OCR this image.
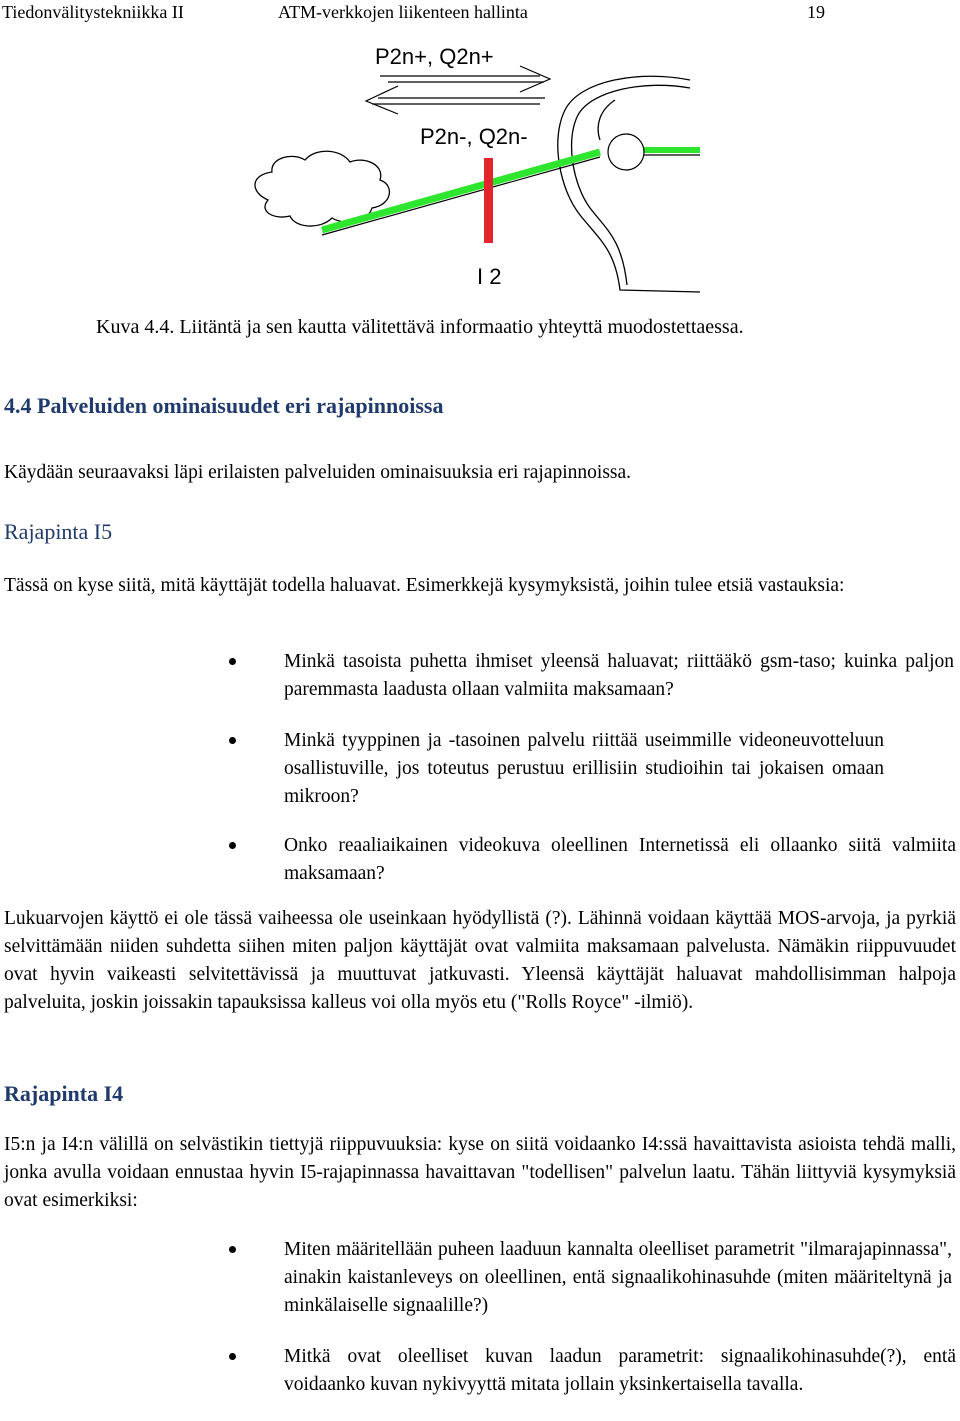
Tiedonvälitystekniikka II	ATM-verkkojen liikenteen hallinta	19
P2n+, Q2n+
P2n-, Q2n-
I 2
Kuva 4.4. Liitäntä ja sen kautta välitettävä informaatio yhteyttä muodostettaessa.
4.4 Palveluiden ominaisuudet eri rajapinnoissa
Käydään seuraavaksi läpi erilaisten palveluiden ominaisuuksia eri rajapinnoissa.
Rajapinta I5
Tässä on kyse siitä, mitä käyttäjät todella haluavat. Esimerkkejä kysymyksistä, joihin tulee etsiä vastauksia:
Minkä tasoista puhetta ihmiset yleensä haluavat; riittääkö gsm-taso; kuinka paljon paremmasta laadusta ollaan valmiita maksamaan?
Minkä tyyppinen ja -tasoinen palvelu riittää useimmille videoneuvotteluun osallistuville, jos toteutus perustuu erillisiin studioihin tai jokaisen omaan mikroon?
Onko reaaliaikainen videokuva oleellinen Internetissä eli ollaanko siitä valmiita maksamaan?
Lukuarvojen käyttö ei ole tässä vaiheessa ole useinkaan hyödyllistä (?). Lähinnä voidaan käyttää MOS-arvoja, ja pyrkiä selvittämään niiden suhdetta siihen miten paljon käyttäjät ovat valmiita maksamaan palvelusta. Nämäkin riippuvuudet ovat hyvin vaikeasti selvitettävissä ja muuttuvat jatkuvasti. Yleensä käyttäjät haluavat mahdollisimman halpoja palveluita, joskin joissakin tapauksissa kalleus voi olla myös etu ("Rolls Royce" -ilmiö).
Rajapinta I4
I5:n ja I4:n välillä on selvästikin tiettyjä riippuvuuksia: kyse on siitä voidaanko I4:ssä havaittavista asioista tehdä malli, jonka avulla voidaan ennustaa hyvin I5-rajapinnassa havaittavan "todellisen" palvelun laatu. Tähän liittyviä kysymyksiä ovat esimerkiksi:
Miten määritellään puheen laaduun kannalta oleelliset parametrit "ilmarajapinnassa", ainakin kaistanleveys on oleellinen, entä signaalikohinasuhde (miten määriteltynä ja minkälaiselle signaalille?)
Mitkä ovat oleelliset kuvan laadun parametrit: signaalikohinasuhde(?), entä voidaanko kuvan nykivyyttä mitata jollain yksinkertaisella tavalla.
